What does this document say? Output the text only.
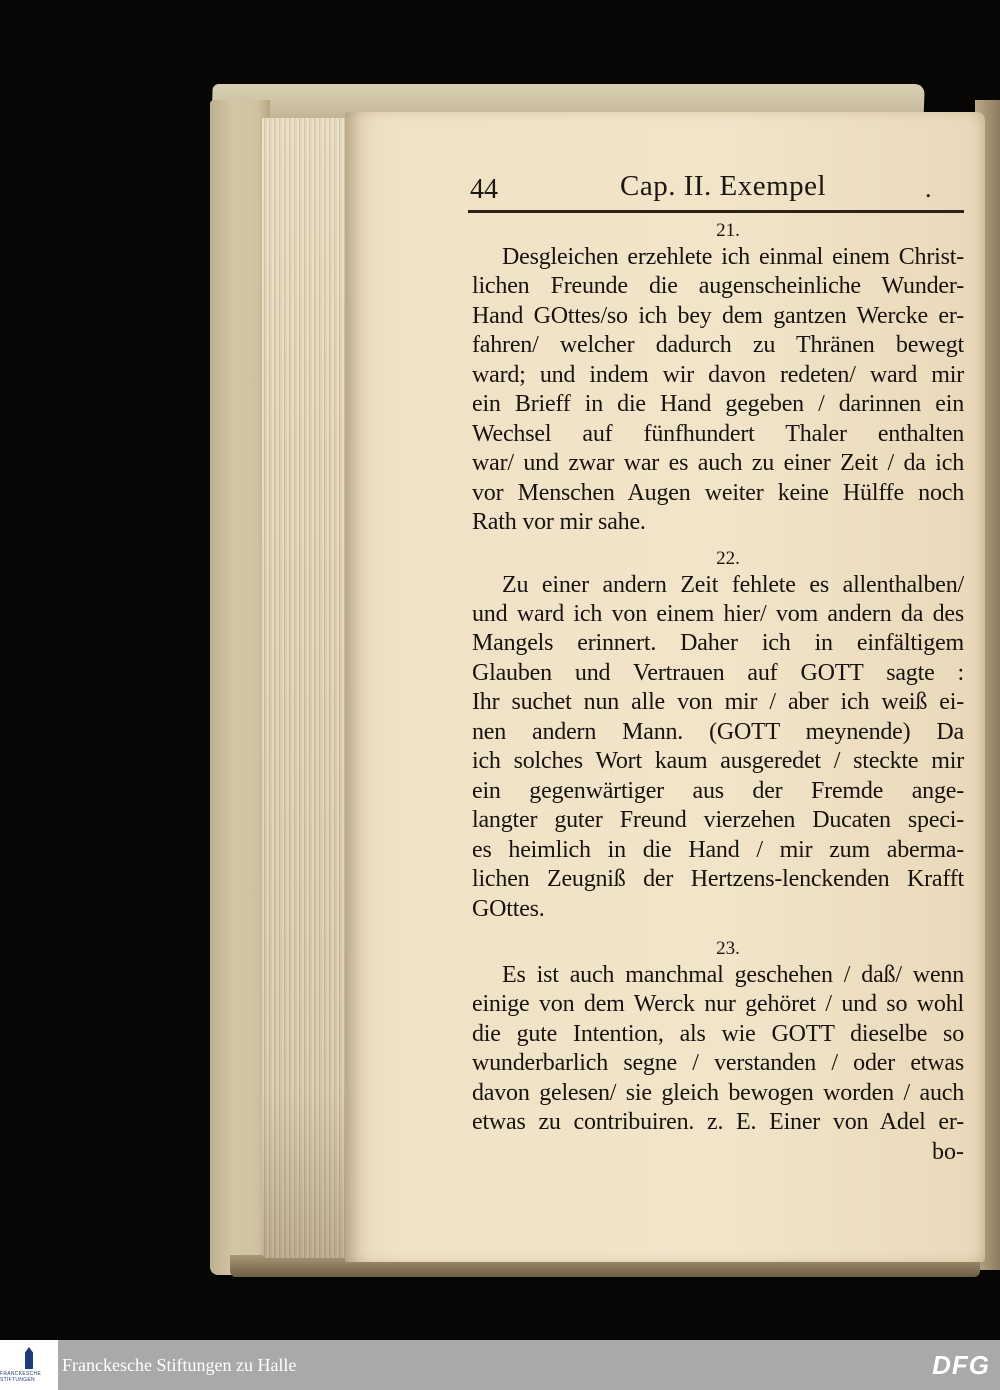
44	Cap. II. Exempel	.
21.
Desgleichen erzehlete ich einmal einem Christ-
lichen Freunde die augenscheinliche Wunder-
Hand GOttes/so ich bey dem gantzen Wercke er-
fahren/ welcher dadurch zu Thränen bewegt
ward; und indem wir davon redeten/ ward mir
ein Brieff in die Hand gegeben / darinnen ein
Wechsel auf fünfhundert Thaler enthalten
war/ und zwar war es auch zu einer Zeit / da ich
vor Menschen Augen weiter keine Hülffe noch
Rath vor mir sahe.
22.
Zu einer andern Zeit fehlete es allenthalben/
und ward ich von einem hier/ vom andern da des
Mangels erinnert. Daher ich in einfältigem
Glauben und Vertrauen auf GOTT sagte :
Ihr suchet nun alle von mir / aber ich weiß ei-
nen andern Mann. (GOTT meynende) Da
ich solches Wort kaum ausgeredet / steckte mir
ein gegenwärtiger aus der Fremde ange-
langter guter Freund vierzehen Ducaten speci-
es heimlich in die Hand / mir zum aberma-
lichen Zeugniß der Hertzens-lenckenden Krafft
GOttes.
23.
Es ist auch manchmal geschehen / daß/ wenn
einige von dem Werck nur gehöret / und so wohl
die gute Intention, als wie GOTT dieselbe so
wunderbarlich segne / verstanden / oder etwas
davon gelesen/ sie gleich bewogen worden / auch
etwas zu contribuiren. z. E. Einer von Adel er-
bo-
FRANCKESCHE STIFTUNGEN
Franckesche Stiftungen zu Halle	DFG
